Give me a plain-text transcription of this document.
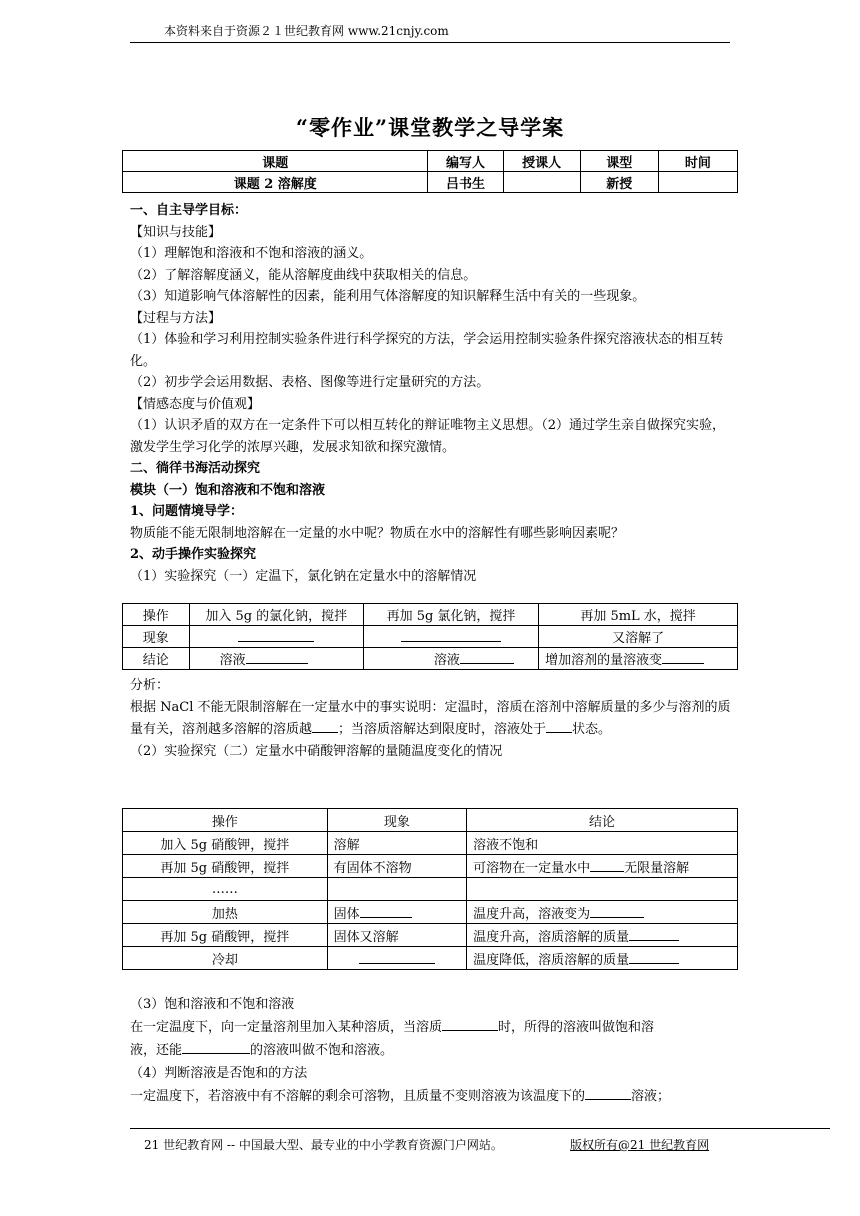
本资料来自于资源２１世纪教育网 www.21cnjy.com
“零作业”课堂教学之导学案
课题	编写人	授课人	课型	时间
课题 2 溶解度	吕书生		新授	

一、自主导学目标：

【知识与技能】

（1）理解饱和溶液和不饱和溶液的涵义。

（2）了解溶解度涵义，能从溶解度曲线中获取相关的信息。

（3）知道影响气体溶解性的因素，能利用气体溶解度的知识解释生活中有关的一些现象。

【过程与方法】

（1）体验和学习利用控制实验条件进行科学探究的方法，学会运用控制实验条件探究溶液状态的相互转化。

（2）初步学会运用数据、表格、图像等进行定量研究的方法。

【情感态度与价值观】

（1）认识矛盾的双方在一定条件下可以相互转化的辩证唯物主义思想。（2）通过学生亲自做探究实验，激发学生学习化学的浓厚兴趣，发展求知欲和探究激情。

二、徜徉书海活动探究

模块（一）饱和溶液和不饱和溶液

1、问题情境导学：

物质能不能无限制地溶解在一定量的水中呢？物质在水中的溶解性有哪些影响因素呢？

2、动手操作实验探究

（1）实验探究（一）定温下，氯化钠在定量水中的溶解情况

操作	加入 5g 的氯化钠，搅拌	再加 5g 氯化钠，搅拌	再加 5mL 水，搅拌
现象			又溶解了
结论	溶液	溶液	增加溶剂的量溶液变

分析：

根据 NaCl 不能无限制溶解在一定量水中的事实说明：定温时，溶质在溶剂中溶解质量的多少与溶剂的质量有关，溶剂越多溶解的溶质越 ；当溶质溶解达到限度时，溶液处于 状态。

（2）实验探究（二）定量水中硝酸钾溶解的量随温度变化的情况

操作	现象	结论
加入 5g 硝酸钾，搅拌	溶解	溶液不饱和
再加 5g 硝酸钾，搅拌	有固体不溶物	可溶物在一定量水中 无限量溶解
……		
加热	固体	温度升高，溶液变为
再加 5g 硝酸钾，搅拌	固体又溶解	温度升高，溶质溶解的质量
冷却		温度降低，溶质溶解的质量

（3）饱和溶液和不饱和溶液

在一定温度下，向一定量溶剂里加入某种溶质，当溶质	时，所得的溶液叫做饱和溶

液，还能	的溶液叫做不饱和溶液。

（4）判断溶液是否饱和的方法

一定温度下，若溶液中有不溶解的剩余可溶物，且质量不变则溶液为该温度下的	溶液；

21 世纪教育网 -- 中国最大型、最专业的中小学教育资源门户网站。	版权所有@21 世纪教育网
